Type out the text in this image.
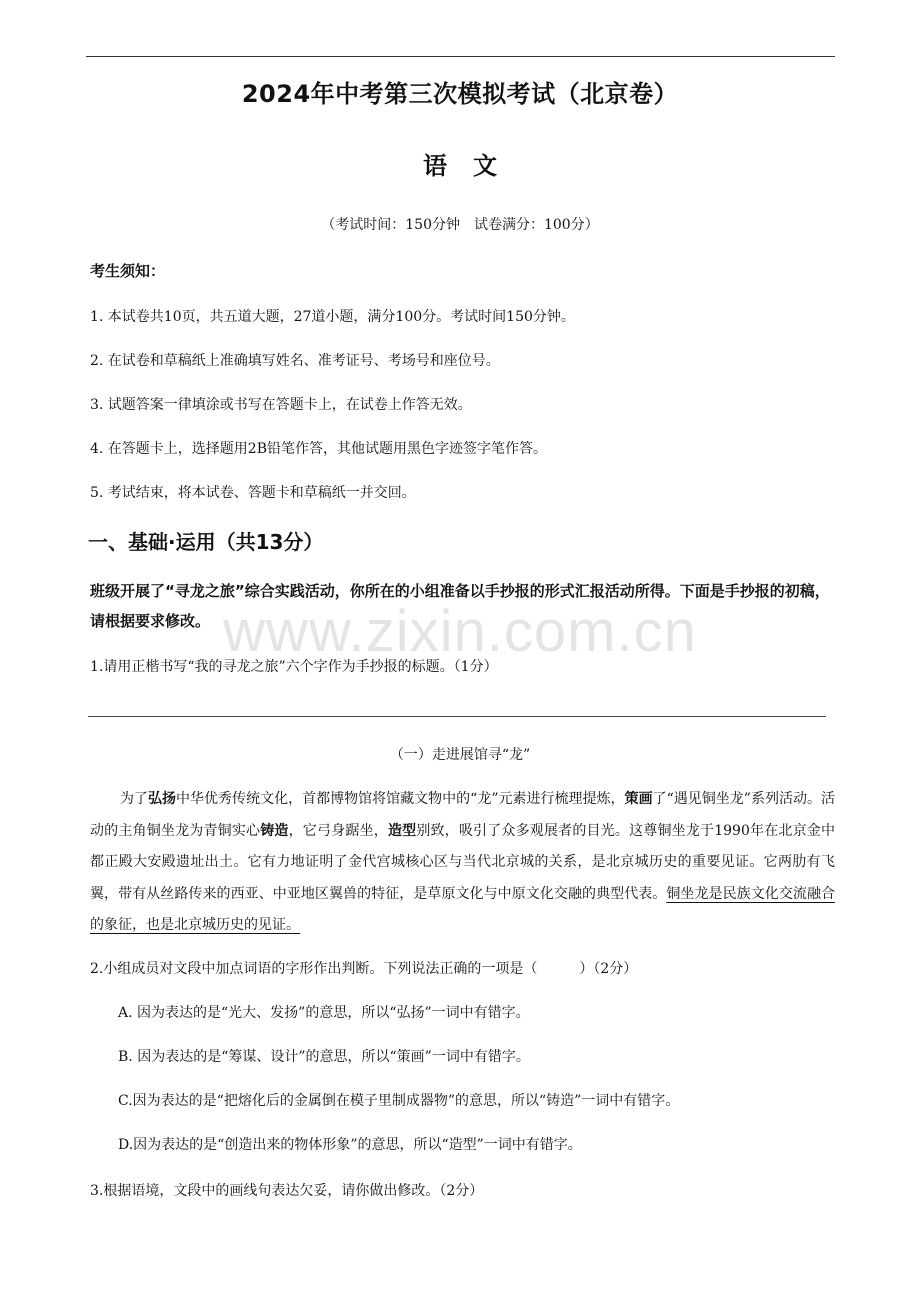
2024年中考第三次模拟考试（北京卷）
语文
（考试时间：150分钟　试卷满分：100分）
考生须知：
1. 本试卷共10页，共五道大题，27道小题，满分100分。考试时间150分钟。
2. 在试卷和草稿纸上准确填写姓名、准考证号、考场号和座位号。
3. 试题答案一律填涂或书写在答题卡上，在试卷上作答无效。
4. 在答题卡上，选择题用2B铅笔作答，其他试题用黑色字迹签字笔作答。
5. 考试结束，将本试卷、答题卡和草稿纸一并交回。
一、基础·运用（共13分）
班级开展了“寻龙之旅”综合实践活动，你所在的小组准备以手抄报的形式汇报活动所得。下面是手抄报的初稿，请根据要求修改。 www.zixin.com.cn
1.请用正楷书写“我的寻龙之旅”六个字作为手抄报的标题。（1分）
（一）走进展馆寻“龙”
为了弘扬中华优秀传统文化，首都博物馆将馆藏文物中的“龙”元素进行梳理提炼，策画了“遇见铜坐龙”系列活动。活动的主角铜坐龙为青铜实心铸造，它弓身踞坐，造型别致，吸引了众多观展者的目光。这尊铜坐龙于1990年在北京金中都正殿大安殿遗址出土。它有力地证明了金代宫城核心区与当代北京城的关系，是北京城历史的重要见证。它两肋有飞翼，带有从丝路传来的西亚、中亚地区翼兽的特征，是草原文化与中原文化交融的典型代表。铜坐龙是民族文化交流融合的象征，也是北京城历史的见证。
2.小组成员对文段中加点词语的字形作出判断。下列说法正确的一项是（　　　）（2分）
A. 因为表达的是“光大、发扬”的意思，所以“弘扬”一词中有错字。
B. 因为表达的是“筹谋、设计”的意思，所以“策画”一词中有错字。
C.因为表达的是“把熔化后的金属倒在模子里制成器物”的意思，所以“铸造”一词中有错字。
D.因为表达的是“创造出来的物体形象”的意思，所以“造型”一词中有错字。
3.根据语境，文段中的画线句表达欠妥，请你做出修改。（2分）
